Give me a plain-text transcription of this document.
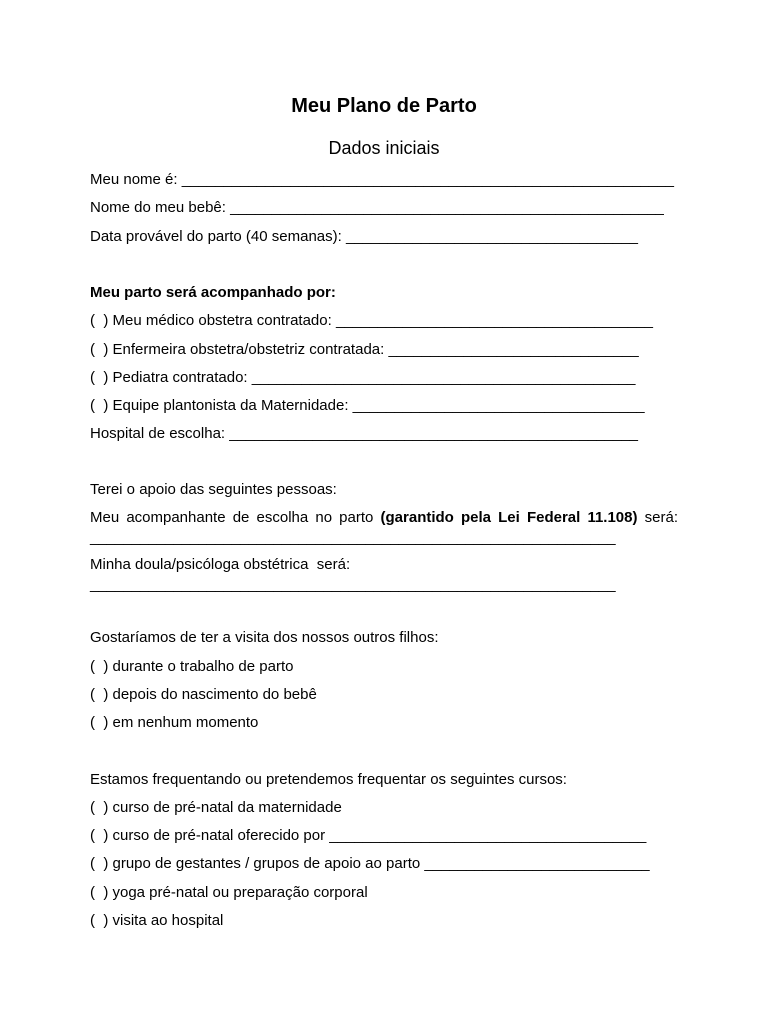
Meu Plano de Parto
Dados iniciais
Meu nome é: ___________________________________________________________
Nome do meu bebê: ____________________________________________________
Data provável do parto (40 semanas): ___________________________________
Meu parto será acompanhado por:
(  ) Meu médico obstetra contratado: ______________________________________
(  ) Enfermeira obstetra/obstetriz contratada: ______________________________
(  ) Pediatra contratado: ______________________________________________
(  ) Equipe plantonista da Maternidade: ___________________________________
Hospital de escolha: _________________________________________________
Terei o apoio das seguintes pessoas:
Meu acompanhante de escolha no parto (garantido pela Lei Federal 11.108) será:
_______________________________________________________________
Minha doula/psicóloga obstétrica  será:
_______________________________________________________________
Gostaríamos de ter a visita dos nossos outros filhos:
(  ) durante o trabalho de parto
(  ) depois do nascimento do bebê
(  ) em nenhum momento
Estamos frequentando ou pretendemos frequentar os seguintes cursos:
(  ) curso de pré-natal da maternidade
(  ) curso de pré-natal oferecido por ______________________________________
(  ) grupo de gestantes / grupos de apoio ao parto ___________________________
(  ) yoga pré-natal ou preparação corporal
(  ) visita ao hospital
